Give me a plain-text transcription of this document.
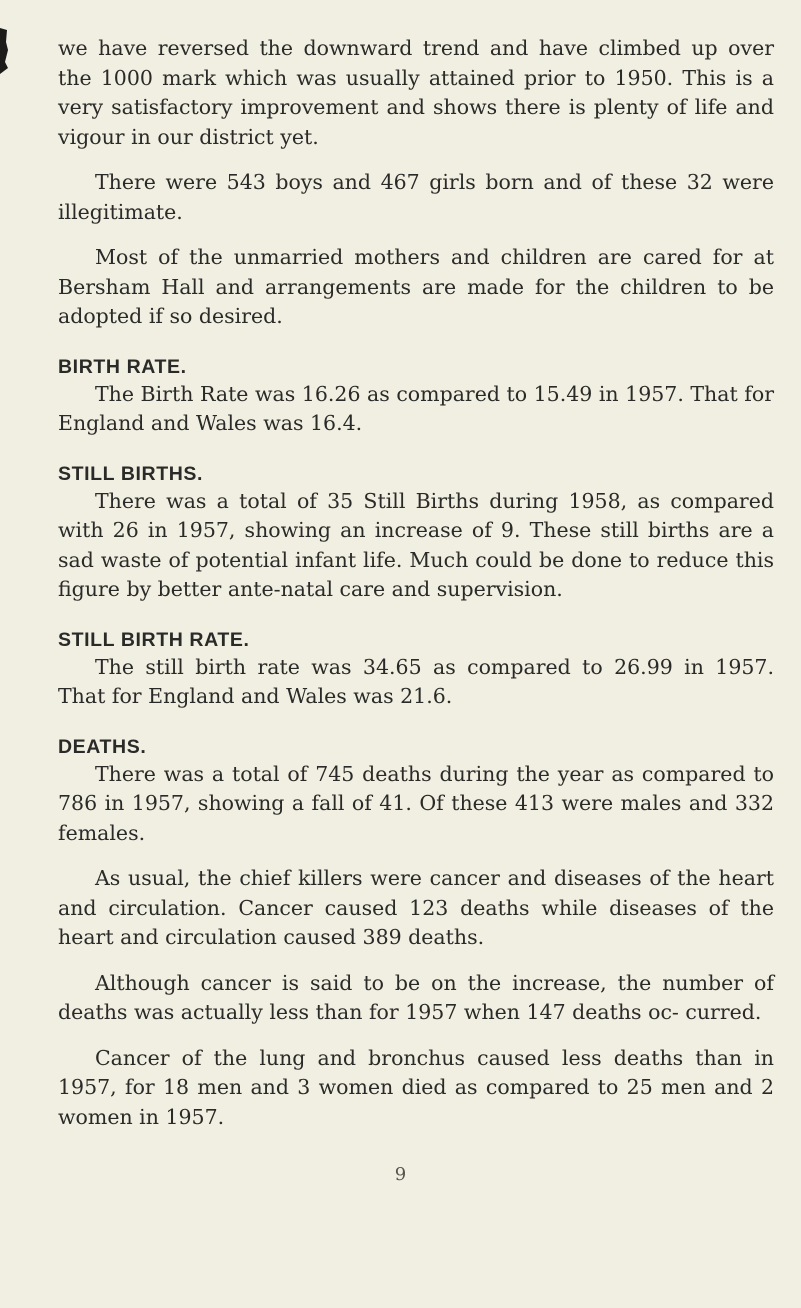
we have reversed the downward trend and have climbed up over the 1000 mark which was usually attained prior to 1950. This is a very satisfactory improvement and shows there is plenty of life and vigour in our district yet.

There were 543 boys and 467 girls born and of these 32 were illegitimate.

Most of the unmarried mothers and children are cared for at Bersham Hall and arrangements are made for the children to be adopted if so desired.

BIRTH RATE.

The Birth Rate was 16.26 as compared to 15.49 in 1957. That for England and Wales was 16.4.

STILL BIRTHS.

There was a total of 35 Still Births during 1958, as compared with 26 in 1957, showing an increase of 9. These still births are a sad waste of potential infant life. Much could be done to reduce this figure by better ante-natal care and supervision.

STILL BIRTH RATE.

The still birth rate was 34.65 as compared to 26.99 in 1957. That for England and Wales was 21.6.

DEATHS.

There was a total of 745 deaths during the year as compared to 786 in 1957, showing a fall of 41. Of these 413 were males and 332 females.

As usual, the chief killers were cancer and diseases of the heart and circulation. Cancer caused 123 deaths while diseases of the heart and circulation caused 389 deaths.

Although cancer is said to be on the increase, the number of deaths was actually less than for 1957 when 147 deaths oc- curred.

Cancer of the lung and bronchus caused less deaths than in 1957, for 18 men and 3 women died as compared to 25 men and 2 women in 1957.

9
